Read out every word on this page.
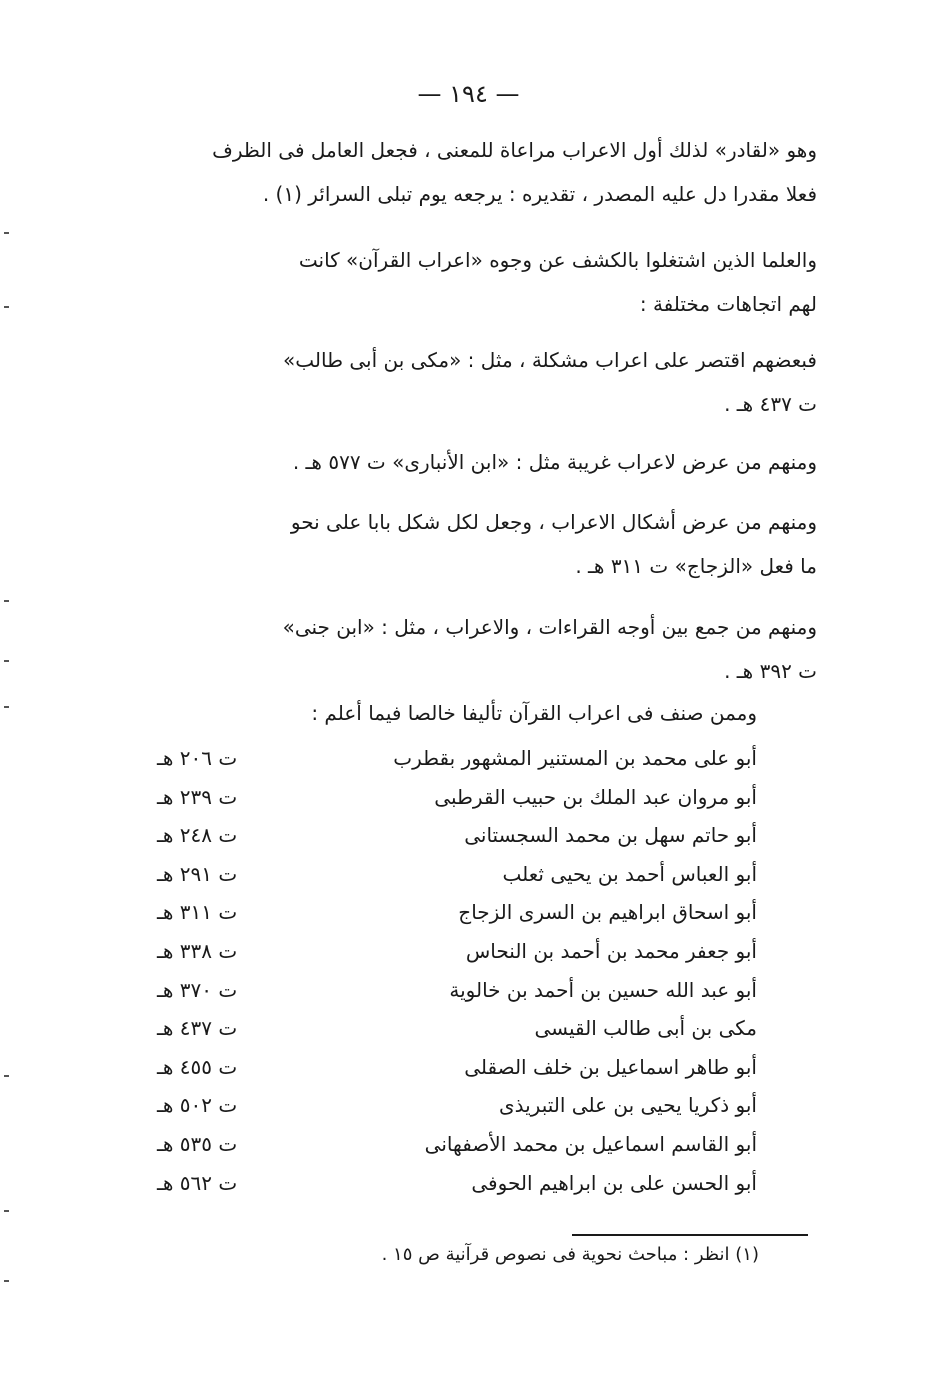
— ١٩٤ —
وهو «لقادر» لذلك أول الاعراب مراعاة للمعنى ، فجعل العامل فى الظرف
فعلا مقدرا دل عليه المصدر ، تقديره : يرجعه يوم تبلى السرائر (١) .
والعلما الذين اشتغلوا بالكشف عن وجوه «اعراب القرآن» كانت
لهم اتجاهات مختلفة :
فبعضهم اقتصر على اعراب مشكلة ، مثل : «مكى بن أبى طالب»
ت ٤٣٧ هـ .
ومنهم من عرض لاعراب غريبة مثل : «ابن الأنبارى» ت ٥٧٧ هـ .
ومنهم من عرض أشكال الاعراب ، وجعل لكل شكل بابا على نحو
ما فعل «الزجاج» ت ٣١١ هـ .
ومنهم من جمع بين أوجه القراءات ، والاعراب ، مثل : «ابن جنى»
ت ٣٩٢ هـ .
وممن صنف فى اعراب القرآن تأليفا خالصا فيما أعلم :
أبو على محمد بن المستنير المشهور بقطرب
ت ٢٠٦ هـ
أبو مروان عبد الملك بن حبيب القرطبى
ت ٢٣٩ هـ
أبو حاتم سهل بن محمد السجستانى
ت ٢٤٨ هـ
أبو العباس أحمد بن يحيى ثعلب
ت ٢٩١ هـ
أبو اسحاق ابراهيم بن السرى الزجاج
ت ٣١١ هـ
أبو جعفر محمد بن أحمد بن النحاس
ت ٣٣٨ هـ
أبو عبد الله حسين بن أحمد بن خالوية
ت ٣٧٠ هـ
مكى بن أبى طالب القيسى
ت ٤٣٧ هـ
أبو طاهر اسماعيل بن خلف الصقلى
ت ٤٥٥ هـ
أبو ذكريا يحيى بن على التبريذى
ت ٥٠٢ هـ
أبو القاسم اسماعيل بن محمد الأصفهانى
ت ٥٣٥ هـ
أبو الحسن على بن ابراهيم الحوفى
ت ٥٦٢ هـ
(١) انظر : مباحث نحوية فى نصوص قرآنية ص ١٥ .
